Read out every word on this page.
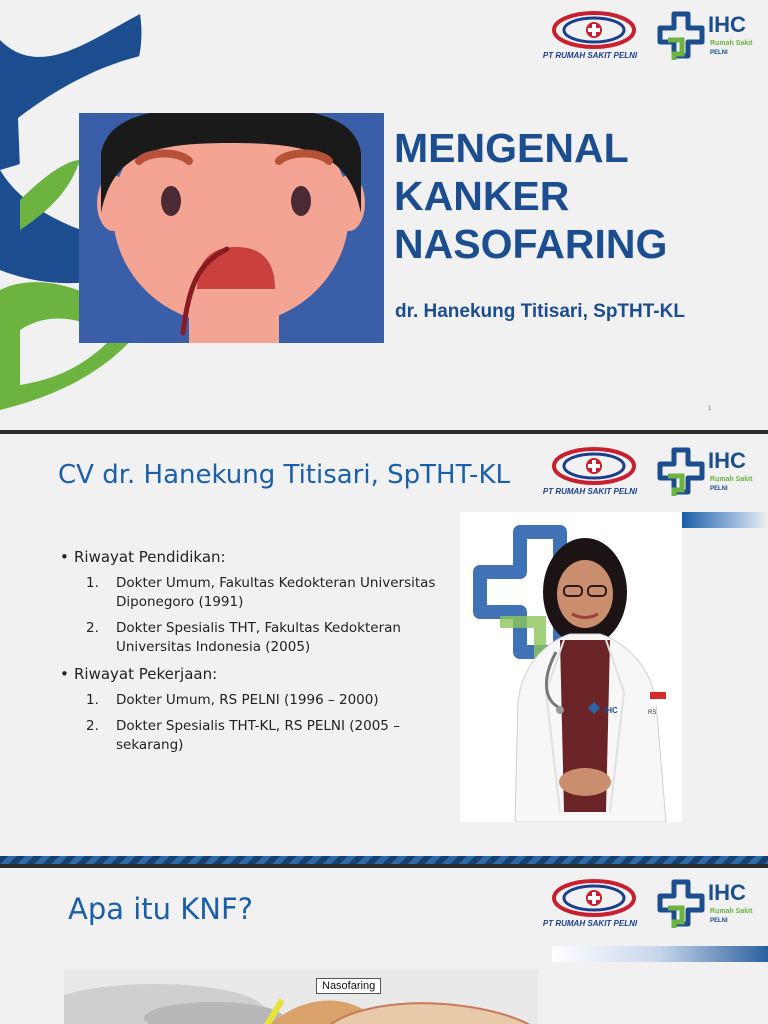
MENGENAL
KANKER
NASOFARING
dr. Hanekung Titisari, SpTHT-KL
1
PT RUMAH SAKIT PELNI
IHC
Rumah Sakit
PELNI
CV dr. Hanekung Titisari, SpTHT-KL
PT RUMAH SAKIT PELNI
IHC
Rumah Sakit
PELNI
• Riwayat Pendidikan:
1. Dokter Umum, Fakultas Kedokteran Universitas Diponegoro (1991)
2. Dokter Spesialis THT, Fakultas Kedokteran Universitas Indonesia (2005)
• Riwayat Pekerjaan:
1. Dokter Umum, RS PELNI (1996 – 2000)
2. Dokter Spesialis THT-KL, RS PELNI (2005 – sekarang)
IHC	RS
Apa itu KNF?	PT RUMAH SAKIT PELNI
IHC
Rumah Sakit
PELNI
Nasofaring
